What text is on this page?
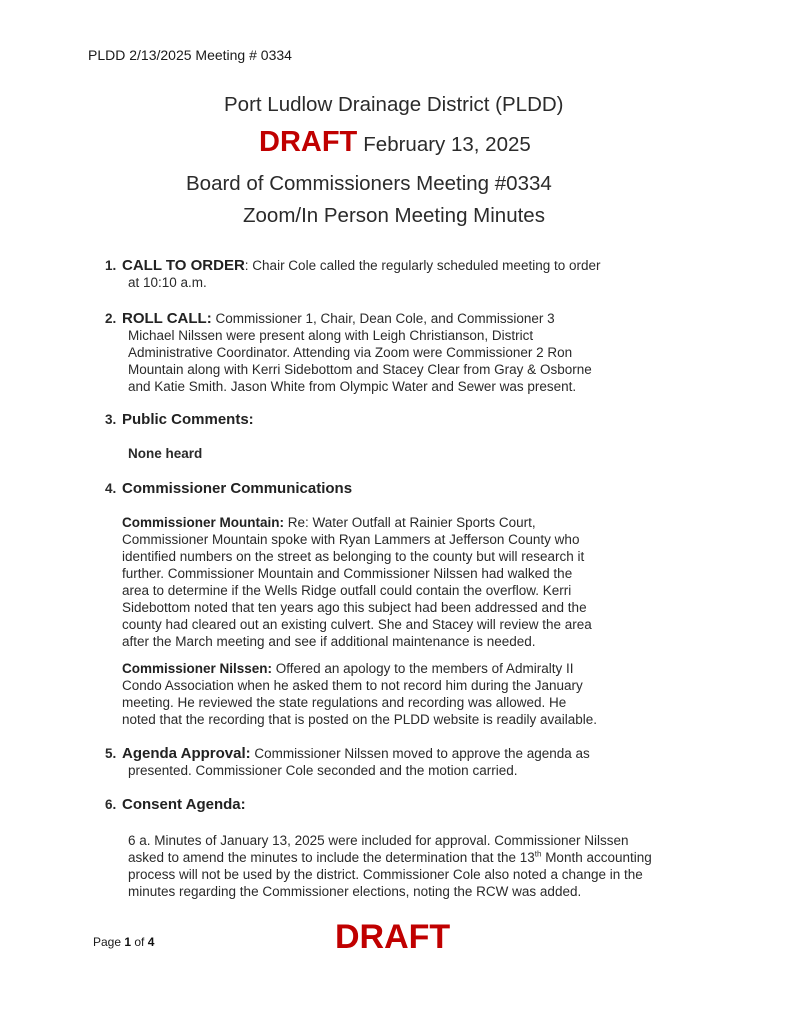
PLDD 2/13/2025 Meeting # 0334
Port Ludlow Drainage District (PLDD)
DRAFT February 13, 2025
Board of Commissioners Meeting #0334
Zoom/In Person Meeting Minutes
1. CALL TO ORDER: Chair Cole called the regularly scheduled meeting to order
at 10:10 a.m.
2. ROLL CALL: Commissioner 1, Chair, Dean Cole, and Commissioner 3
Michael Nilssen were present along with Leigh Christianson, District
Administrative Coordinator. Attending via Zoom were Commissioner 2 Ron
Mountain along with Kerri Sidebottom and Stacey Clear from Gray & Osborne
and Katie Smith. Jason White from Olympic Water and Sewer was present.
3. Public Comments:
None heard
4. Commissioner Communications
Commissioner Mountain: Re: Water Outfall at Rainier Sports Court,
Commissioner Mountain spoke with Ryan Lammers at Jefferson County who
identified numbers on the street as belonging to the county but will research it
further. Commissioner Mountain and Commissioner Nilssen had walked the
area to determine if the Wells Ridge outfall could contain the overflow. Kerri
Sidebottom noted that ten years ago this subject had been addressed and the
county had cleared out an existing culvert. She and Stacey will review the area
after the March meeting and see if additional maintenance is needed.
Commissioner Nilssen: Offered an apology to the members of Admiralty II
Condo Association when he asked them to not record him during the January
meeting. He reviewed the state regulations and recording was allowed. He
noted that the recording that is posted on the PLDD website is readily available.
5. Agenda Approval: Commissioner Nilssen moved to approve the agenda as
presented. Commissioner Cole seconded and the motion carried.
6. Consent Agenda:
6 a. Minutes of January 13, 2025 were included for approval. Commissioner Nilssen
asked to amend the minutes to include the determination that the 13th Month accounting
process will not be used by the district. Commissioner Cole also noted a change in the
minutes regarding the Commissioner elections, noting the RCW was added.
Page 1 of 4	DRAFT
